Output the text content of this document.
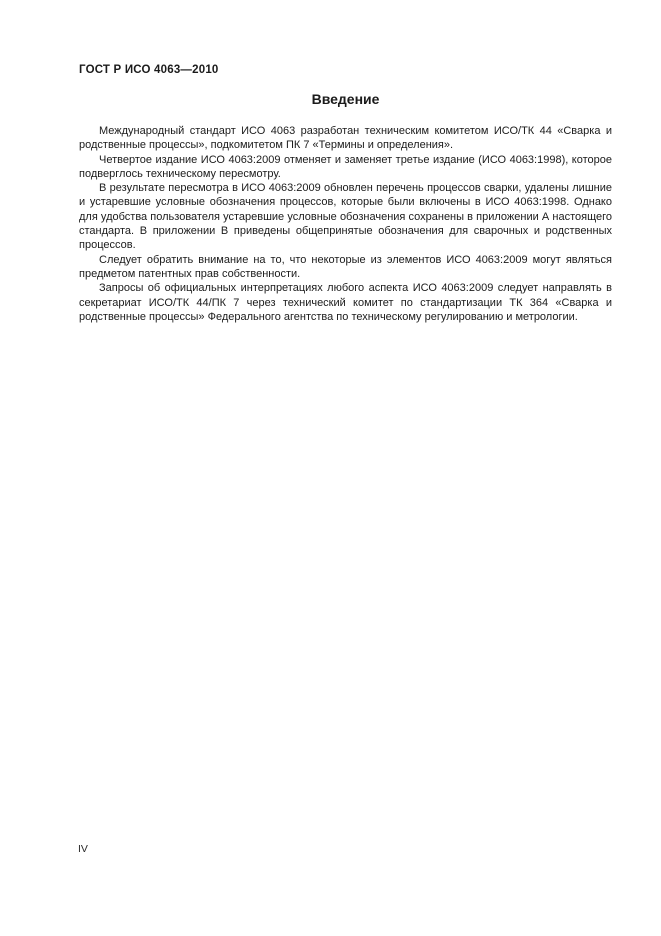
ГОСТ Р ИСО 4063—2010
Введение

Международный стандарт ИСО 4063 разработан техническим комитетом ИСО/ТК 44 «Сварка и родственные процессы», подкомитетом ПК 7 «Термины и определения».

Четвертое издание ИСО 4063:2009 отменяет и заменяет третье издание (ИСО 4063:1998), которое подверглось техническому пересмотру.

В результате пересмотра в ИСО 4063:2009 обновлен перечень процессов сварки, удалены лишние и устаревшие условные обозначения процессов, которые были включены в ИСО 4063:1998. Однако для удобства пользователя устаревшие условные обозначения сохранены в приложении А настоящего стандарта. В приложении В приведены общепринятые обозначения для сварочных и родственных процессов.

Следует обратить внимание на то, что некоторые из элементов ИСО 4063:2009 могут являться предметом патентных прав собственности.

Запросы об официальных интерпретациях любого аспекта ИСО 4063:2009 следует направлять в секретариат ИСО/ТК 44/ПК 7 через технический комитет по стандартизации ТК 364 «Сварка и родственные процессы» Федерального агентства по техническому регулированию и метрологии.

IV
